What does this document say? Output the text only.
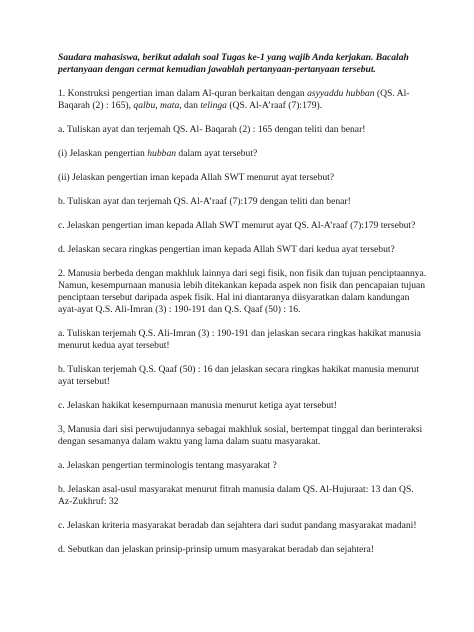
Saudara mahasiswa, berikut adalah soal Tugas ke-1 yang wajib Anda kerjakan. Bacalah pertanyaan dengan cermat kemudian jawablah pertanyaan-pertanyaan tersebut.

1. Konstruksi pengertian iman dalam Al-quran berkaitan dengan asyyaddu hubban (QS. Al-Baqarah (2) : 165), qalbu, mata, dan telinga (QS. Al-A’raaf (7):179).

a. Tuliskan ayat dan terjemah QS. Al- Baqarah (2) : 165 dengan teliti dan benar!

(i) Jelaskan pengertian hubban dalam ayat tersebut?

(ii) Jelaskan pengertian iman kepada Allah SWT menurut ayat tersebut?

b. Tuliskan ayat dan terjemah QS. Al-A’raaf (7):179 dengan teliti dan benar!

c. Jelaskan pengertian iman kepada Allah SWT menurut ayat QS. Al-A’raaf (7):179 tersebut?

d. Jelaskan secara ringkas pengertian iman kepada Allah SWT dari kedua ayat tersebut?

2. Manusia berbeda dengan makhluk lainnya dari segi fisik, non fisik dan tujuan penciptaannya. Namun, kesempurnaan manusia lebih ditekankan kepada aspek non fisik dan pencapaian tujuan penciptaan tersebut daripada aspek fisik. Hal ini diantaranya diisyaratkan dalam kandungan ayat-ayat Q.S. Ali-Imran (3) : 190-191 dan Q.S. Qaaf (50) : 16.

a. Tuliskan terjemah Q.S. Ali-Imran (3) : 190-191 dan jelaskan secara ringkas hakikat manusia menurut kedua ayat tersebut!

b. Tuliskan terjemah Q.S. Qaaf (50) : 16 dan jelaskan secara ringkas hakikat manusia menurut ayat tersebut!

c. Jelaskan hakikat kesempurnaan manusia menurut ketiga ayat tersebut!

3, Manusia dari sisi perwujudannya sebagai makhluk sosial, bertempat tinggal dan berinteraksi dengan sesamanya dalam waktu yang lama dalam suatu masyarakat.

a. Jelaskan pengertian terminologis tentang masyarakat ?

b. Jelaskan asal-usul masyarakat menurut fitrah manusia dalam QS. Al-Hujuraat: 13 dan QS. Az-Zukhruf: 32

c. Jelaskan kriteria masyarakat beradab dan sejahtera dari sudut pandang masyarakat madani!

d. Sebutkan dan jelaskan prinsip-prinsip umum masyarakat beradab dan sejahtera!
